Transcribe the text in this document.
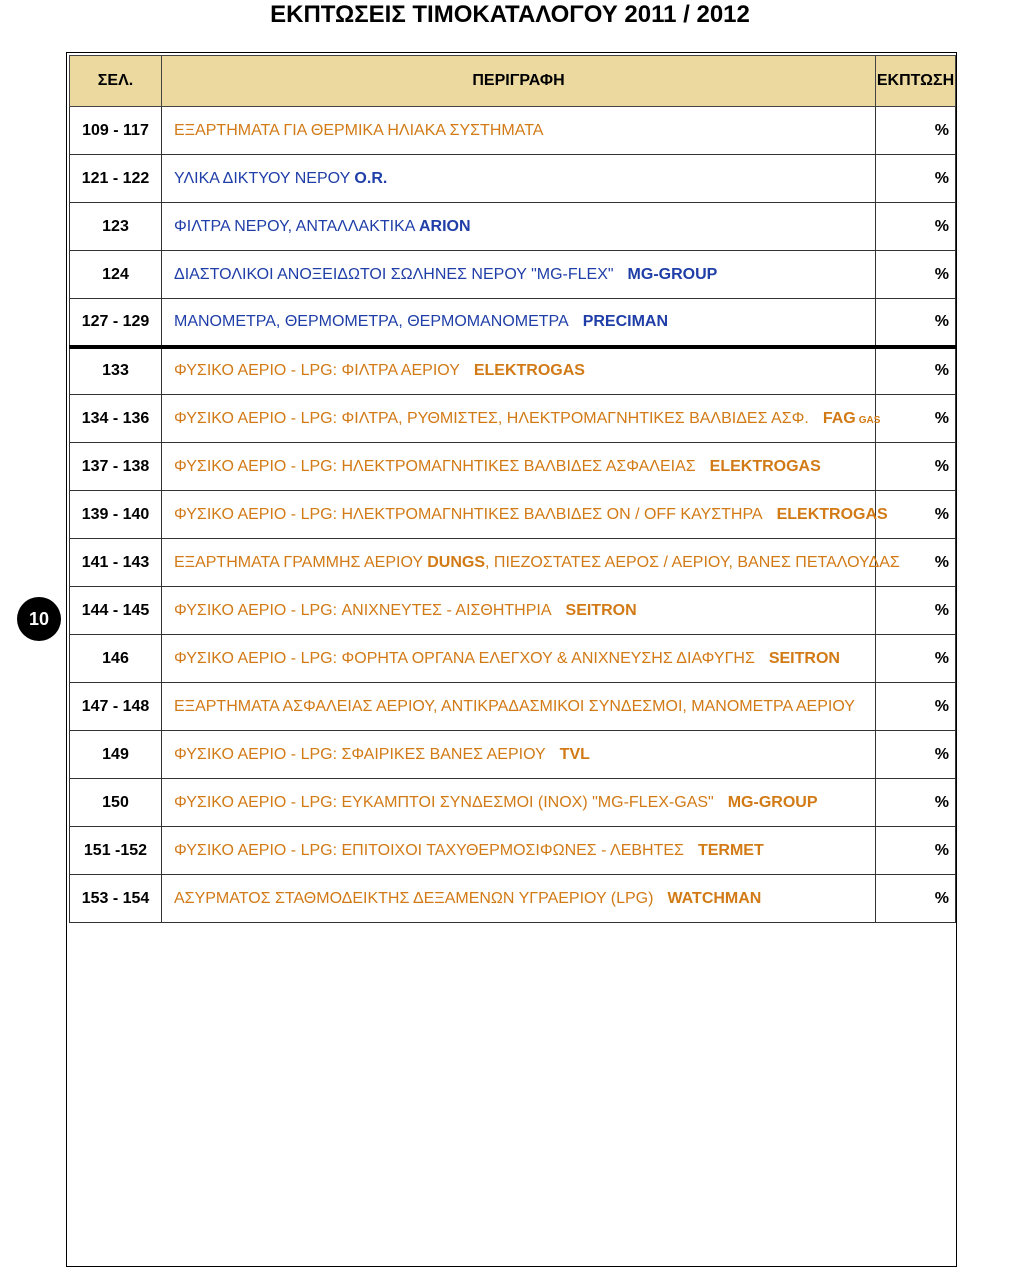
ΕΚΠΤΩΣΕΙΣ ΤΙΜΟΚΑΤΑΛΟΓΟΥ 2011 / 2012
ΣΕΛ.	ΠΕΡΙΓΡΑΦΗ	ΕΚΠΤΩΣΗ
109 - 117	ΕΞΑΡΤΗΜΑΤΑ ΓΙΑ ΘΕΡΜΙΚΑ ΗΛΙΑΚΑ ΣΥΣΤΗΜΑΤΑ	%
121 - 122	ΥΛΙΚΑ ΔΙΚΤΥΟΥ ΝΕΡΟΥ O.R.	%
123	ΦΙΛΤΡΑ ΝΕΡΟΥ, ΑΝΤΑΛΛΑΚΤΙΚΑ ARION	%
124	ΔΙΑΣΤΟΛΙΚΟΙ ΑΝΟΞΕΙΔΩΤΟΙ ΣΩΛΗΝΕΣ ΝΕΡΟΥ "MG-FLEX" MG-GROUP	%
127 - 129	ΜΑΝΟΜΕΤΡΑ, ΘΕΡΜΟΜΕΤΡΑ, ΘΕΡΜΟΜΑΝΟΜΕΤΡΑ PRECIMAN	%
133	ΦΥΣΙΚΟ ΑΕΡΙΟ - LPG: ΦΙΛΤΡΑ ΑΕΡΙΟΥ ELEKTROGAS	%
134 - 136	ΦΥΣΙΚΟ ΑΕΡΙΟ - LPG: ΦΙΛΤΡΑ, ΡΥΘΜΙΣΤΕΣ, ΗΛΕΚΤΡΟΜΑΓΝΗΤΙΚΕΣ ΒΑΛΒΙΔΕΣ ΑΣΦ. FAG GAS	%
137 - 138	ΦΥΣΙΚΟ ΑΕΡΙΟ - LPG: ΗΛΕΚΤΡΟΜΑΓΝΗΤΙΚΕΣ ΒΑΛΒΙΔΕΣ ΑΣΦΑΛΕΙΑΣ ELEKTROGAS	%
139 - 140	ΦΥΣΙΚΟ ΑΕΡΙΟ - LPG: ΗΛΕΚΤΡΟΜΑΓΝΗΤΙΚΕΣ ΒΑΛΒΙΔΕΣ ON / OFF ΚΑΥΣΤΗΡΑ ELEKTROGAS	%
141 - 143	ΕΞΑΡΤΗΜΑΤΑ ΓΡΑΜΜΗΣ ΑΕΡΙΟΥ DUNGS, ΠΙΕΖΟΣΤΑΤΕΣ ΑΕΡΟΣ / ΑΕΡΙΟΥ, ΒΑΝΕΣ ΠΕΤΑΛΟΥΔΑΣ	%
144 - 145	ΦΥΣΙΚΟ ΑΕΡΙΟ - LPG: ΑΝΙΧΝΕΥΤΕΣ - ΑΙΣΘΗΤΗΡΙΑ SEITRON	%
146	ΦΥΣΙΚΟ ΑΕΡΙΟ - LPG: ΦΟΡΗΤΑ ΟΡΓΑΝΑ ΕΛΕΓΧΟΥ & ΑΝΙΧΝΕΥΣΗΣ ΔΙΑΦΥΓΗΣ SEITRON	%
147 - 148	ΕΞΑΡΤΗΜΑΤΑ ΑΣΦΑΛΕΙΑΣ ΑΕΡΙΟΥ, ΑΝΤΙΚΡΑΔΑΣΜΙΚΟΙ ΣΥΝΔΕΣΜΟΙ, ΜΑΝΟΜΕΤΡΑ ΑΕΡΙΟΥ	%
149	ΦΥΣΙΚΟ ΑΕΡΙΟ - LPG: ΣΦΑΙΡΙΚΕΣ ΒΑΝΕΣ ΑΕΡΙΟΥ TVL	%
150	ΦΥΣΙΚΟ ΑΕΡΙΟ - LPG: ΕΥΚΑΜΠΤΟΙ ΣΥΝΔΕΣΜΟΙ (INOX) "MG-FLEX-GAS" MG-GROUP	%
151 -152	ΦΥΣΙΚΟ ΑΕΡΙΟ - LPG: ΕΠΙΤΟΙΧΟΙ ΤΑΧΥΘΕΡΜΟΣΙΦΩΝΕΣ - ΛΕΒΗΤΕΣ TERMET	%
153 - 154	ΑΣΥΡΜΑΤΟΣ ΣΤΑΘΜΟΔΕΙΚΤΗΣ ΔΕΞΑΜΕΝΩΝ ΥΓΡΑΕΡΙΟΥ (LPG) WATCHMAN	%
10
